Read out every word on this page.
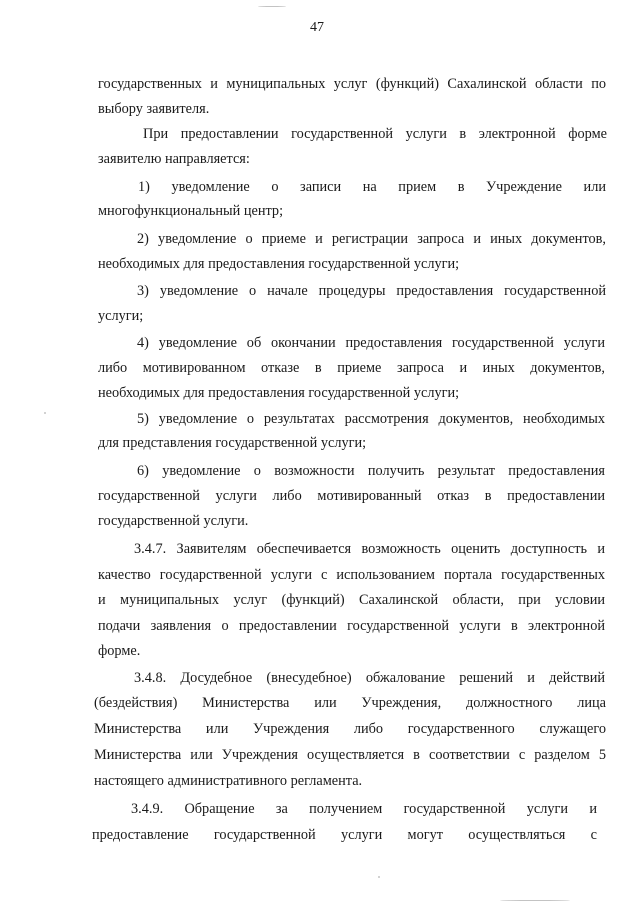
47
государственных и муниципальных услуг (функций) Сахалинской области по
выбору заявителя.
При предоставлении государственной услуги в электронной форме
заявителю направляется:
1) уведомление о записи на прием в Учреждение или
многофункциональный центр;
2) уведомление о приеме и регистрации запроса и иных документов,
необходимых для предоставления государственной услуги;
3) уведомление о начале процедуры предоставления государственной
услуги;
4) уведомление об окончании предоставления государственной услуги
либо мотивированном отказе в приеме запроса и иных документов,
необходимых для предоставления государственной услуги;
5) уведомление о результатах рассмотрения документов, необходимых
для представления государственной услуги;
6) уведомление о возможности получить результат предоставления
государственной услуги либо мотивированный отказ в предоставлении
государственной услуги.
3.4.7. Заявителям обеспечивается возможность оценить доступность и
качество государственной услуги с использованием портала государственных
и муниципальных услуг (функций) Сахалинской области, при условии
подачи заявления о предоставлении государственной услуги в электронной
форме.
3.4.8. Досудебное (внесудебное) обжалование решений и действий
(бездействия) Министерства или Учреждения, должностного лица
Министерства или Учреждения либо государственного служащего
Министерства или Учреждения осуществляется в соответствии с разделом 5
настоящего административного регламента.
3.4.9. Обращение за получением государственной услуги и
предоставление государственной услуги могут осуществляться с
